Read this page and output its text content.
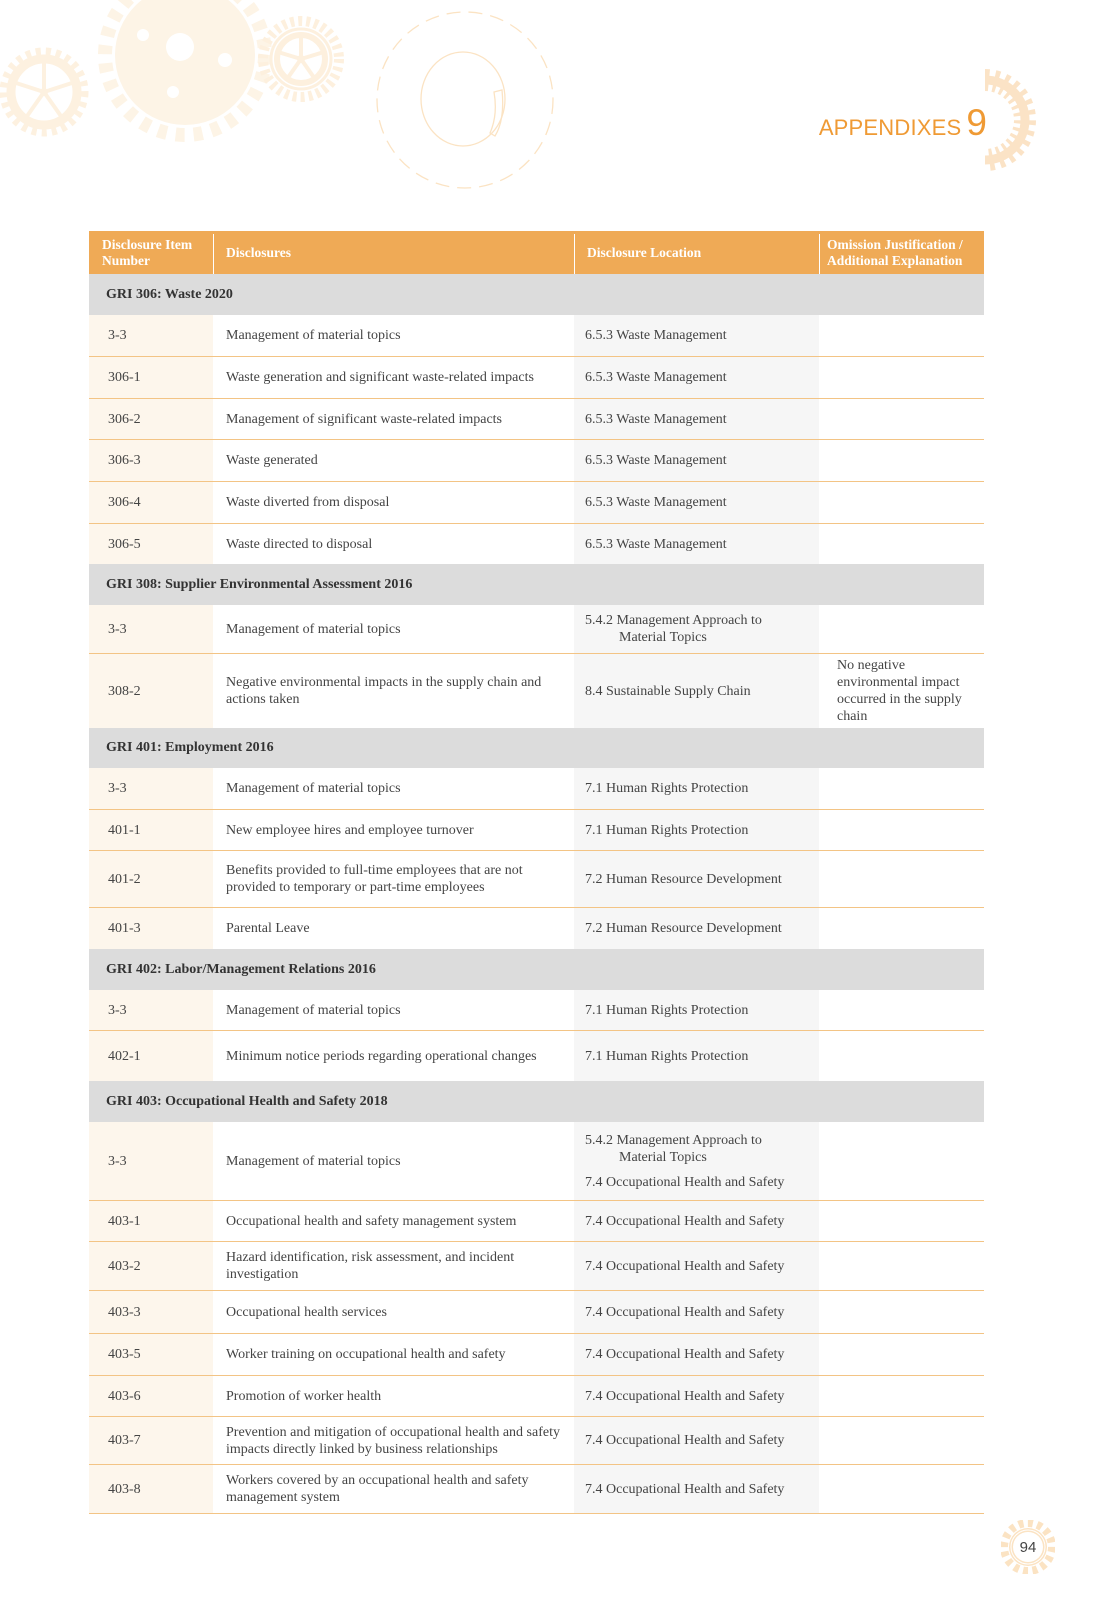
APPENDIXES 9
Disclosure Item Number	Disclosures	Disclosure Location	Omission Justification / Additional Explanation
GRI 306: Waste 2020			
3-3	Management of material topics	6.5.3 Waste Management	

306-1	Waste generation and significant waste-related impacts	6.5.3 Waste Management	

306-2	Management of significant waste-related impacts	6.5.3 Waste Management	

306-3	Waste generated	6.5.3 Waste Management	

306-4	Waste diverted from disposal	6.5.3 Waste Management	

306-5	Waste directed to disposal	6.5.3 Waste Management	

GRI 308: Supplier Environmental Assessment 2016			
3-3	Management of material topics	5.4.2 Management Approach to
Material Topics	

308-2	Negative environmental impacts in the supply chain and actions taken	8.4 Sustainable Supply Chain	No negative environmental impact occurred in the supply chain
GRI 401: Employment 2016			
3-3	Management of material topics	7.1 Human Rights Protection	

401-1	New employee hires and employee turnover	7.1 Human Rights Protection	

401-2	Benefits provided to full-time employees that are not provided to temporary or part-time employees	7.2 Human Resource Development	

401-3	Parental Leave	7.2 Human Resource Development	

GRI 402: Labor/Management Relations 2016			
3-3	Management of material topics	7.1 Human Rights Protection	

402-1	Minimum notice periods regarding operational changes	7.1 Human Rights Protection	

GRI 403: Occupational Health and Safety 2018			
3-3	Management of material topics	5.4.2 Management Approach to
Material Topics
7.4 Occupational Health and Safety	

403-1	Occupational health and safety management system	7.4 Occupational Health and Safety	

403-2	Hazard identification, risk assessment, and incident investigation	7.4 Occupational Health and Safety	

403-3	Occupational health services	7.4 Occupational Health and Safety	

403-5	Worker training on occupational health and safety	7.4 Occupational Health and Safety	

403-6	Promotion of worker health	7.4 Occupational Health and Safety	

403-7	Prevention and mitigation of occupational health and safety impacts directly linked by business relationships	7.4 Occupational Health and Safety	

403-8	Workers covered by an occupational health and safety management system	7.4 Occupational Health and Safety	

94
